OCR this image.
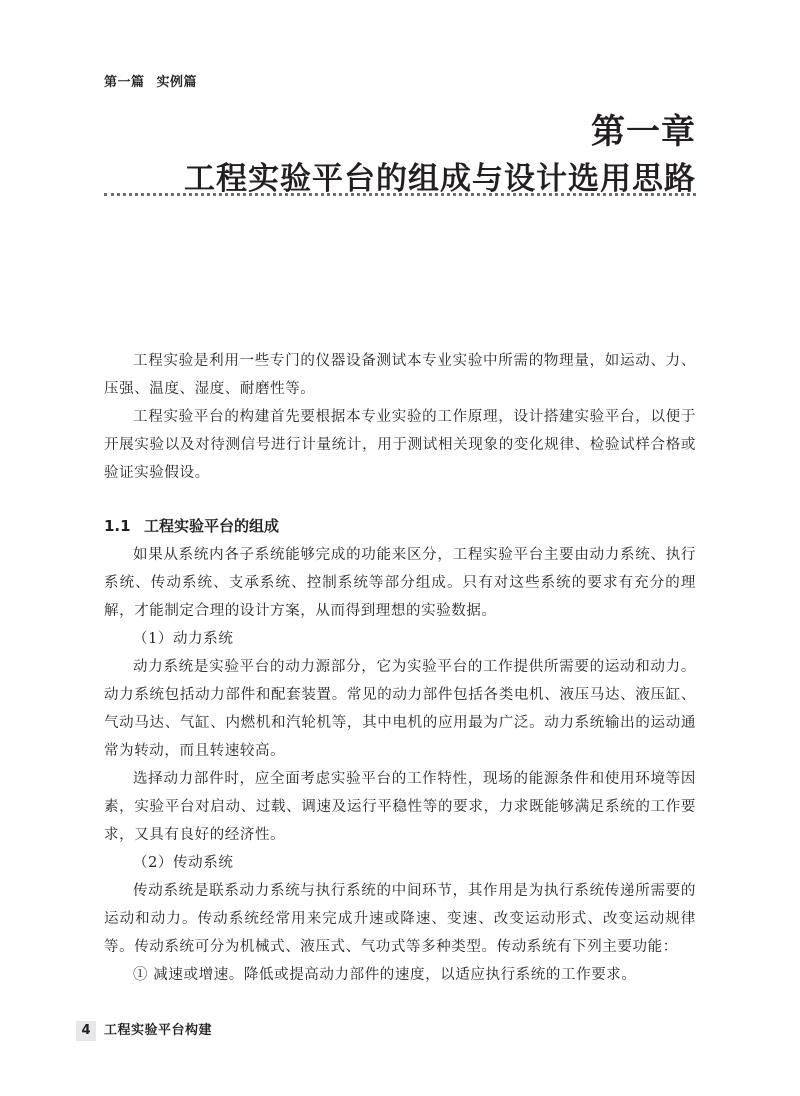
第一篇 实例篇
第一章
工程实验平台的组成与设计选用思路

工程实验是利用一些专门的仪器设备测试本专业实验中所需的物理量，如运动、力、压强、温度、湿度、耐磨性等。

工程实验平台的构建首先要根据本专业实验的工作原理，设计搭建实验平台，以便于开展实验以及对待测信号进行计量统计，用于测试相关现象的变化规律、检验试样合格或验证实验假设。

1.1 工程实验平台的组成

如果从系统内各子系统能够完成的功能来区分，工程实验平台主要由动力系统、执行系统、传动系统、支承系统、控制系统等部分组成。只有对这些系统的要求有充分的理解，才能制定合理的设计方案，从而得到理想的实验数据。

（1）动力系统

动力系统是实验平台的动力源部分，它为实验平台的工作提供所需要的运动和动力。动力系统包括动力部件和配套装置。常见的动力部件包括各类电机、液压马达、液压缸、气动马达、气缸、内燃机和汽轮机等，其中电机的应用最为广泛。动力系统输出的运动通常为转动，而且转速较高。

选择动力部件时，应全面考虑实验平台的工作特性，现场的能源条件和使用环境等因素，实验平台对启动、过载、调速及运行平稳性等的要求，力求既能够满足系统的工作要求，又具有良好的经济性。

（2）传动系统

传动系统是联系动力系统与执行系统的中间环节，其作用是为执行系统传递所需要的运动和动力。传动系统经常用来完成升速或降速、变速、改变运动形式、改变运动规律等。传动系统可分为机械式、液压式、气功式等多种类型。传动系统有下列主要功能：

① 减速或增速。降低或提高动力部件的速度，以适应执行系统的工作要求。

4 工程实验平台构建
